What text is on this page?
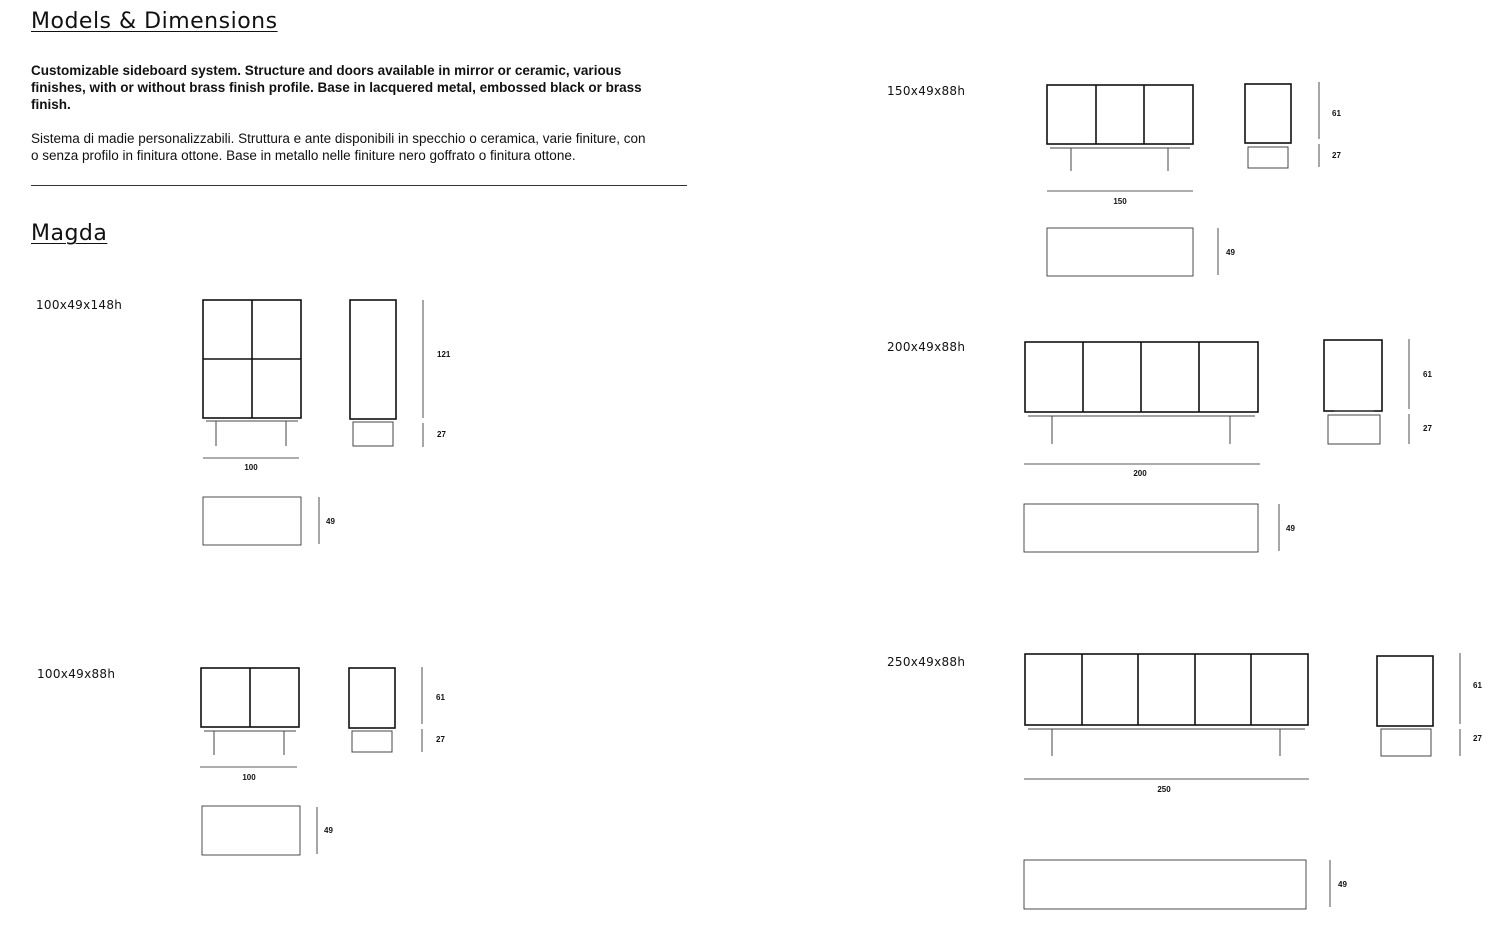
Models & Dimensions

Customizable sideboard system. Structure and doors available in mirror or ceramic, various finishes, with or without brass finish profile. Base in lacquered metal, embossed black or brass finish.

Sistema di madie personalizzabili. Struttura e ante disponibili in specchio o ceramica, varie finiture, con o senza profilo in finitura ottone. Base in metallo nelle finiture nero goffrato o finitura ottone.

Magda
100x49x148h
100x49x88h
150x49x88h
200x49x88h
250x49x88h
100
121
27
49
100
61
27
49
150
61
27
49
200
61
27
49
250
61
27
49
